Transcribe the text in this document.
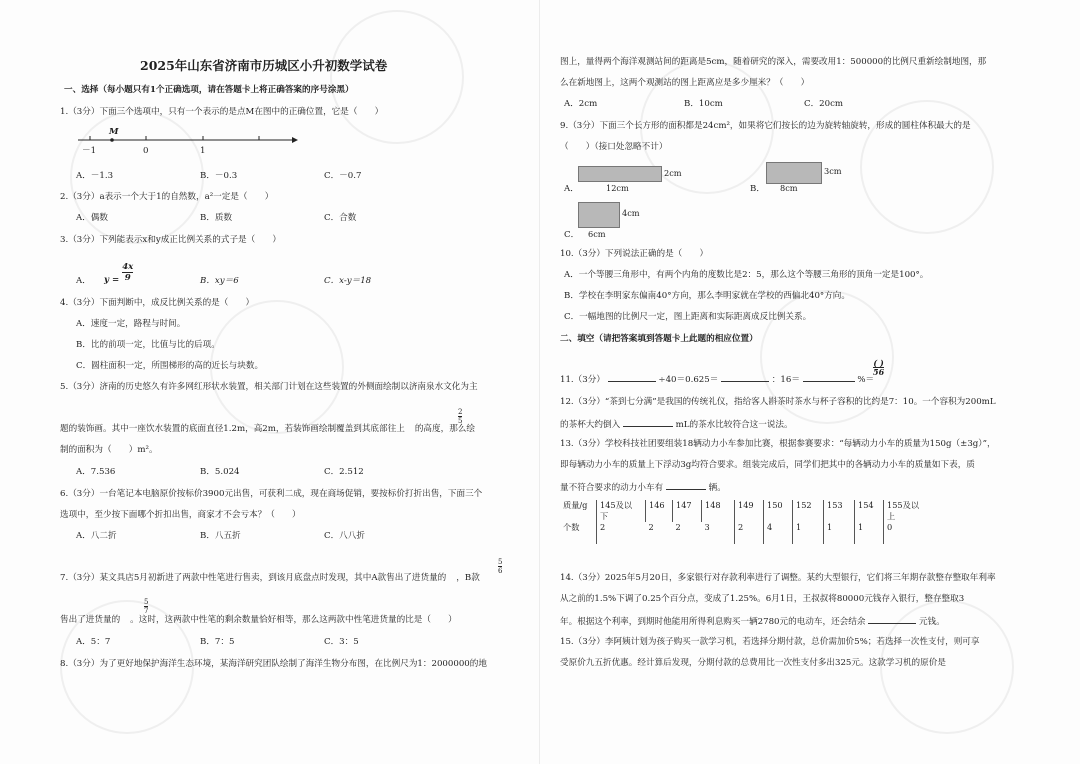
2025年山东省济南市历城区小升初数学试卷
一、选择（每小题只有1个正确选项，请在答题卡上将正确答案的序号涂黑）
1.（3分）下面三个选项中，只有一个表示的是点M在图中的正确位置，它是（　　）
M
－1	0	1
A．－1.3	B．－0.3	C．－0.7
2.（3分）a表示一个大于1的自然数，a²一定是（　　）
A．偶数	B．质数	C．合数
3.（3分）下列能表示x和y成正比例关系的式子是（　　）
A． $y = \frac{4x}{9}$	B．xy＝6	C．x-y＝18
4.（3分）下面判断中，成反比例关系的是（　　）
A．速度一定，路程与时间。
B．比的前项一定，比值与比的后项。
C．圆柱面积一定，所围梯形的高的近长与块数。
5.（3分）济南的历史悠久有许多网红形状水装置，相关部门计划在这些装置的外侧面绘制以济南泉水文化为主
题的装饰画。其中一座饮水装置的底面直径1.2m，高2m，若装饰画绘制覆盖到其底部往上 的高度，那么绘
$\frac{2}{5}$
制的面积为（　　）m²。
A．7.536	B．5.024	C．2.512
6.（3分）一台笔记本电脑原价按标价3900元出售，可获利二成，现在商场促销，要按标价打折出售，下面三个
选项中，至少按下面哪个折扣出售，商家才不会亏本？（　　）
A．八二折	B．八五折	C．八八折
7.（3分）某文具店5月初新进了两款中性笔进行售卖，到该月底盘点时发现，其中A款售出了进货量的 ，B款
$\frac{5}{6}$
售出了进货量的 。这时，这两款中性笔的剩余数量恰好相等，那么这两款中性笔进货量的比是（　　）
$\frac{5}{7}$
A．5：7	B．7：5	C．3：5
8.（3分）为了更好地保护海洋生态环境，某海洋研究团队绘制了海洋生物分布图，在比例尺为1：2000000的地
图上，量得两个海洋观测站间的距离是5cm，随着研究的深入，需要改用1：500000的比例尺重新绘制地图，那
么在新地图上，这两个观测站的图上距离应是多少厘米？（　　）
A．2cm	B．10cm	C．20cm
9.（3分）下面三个长方形的面积都是24cm²，如果将它们按长的边为旋转轴旋转，形成的圆柱体积最大的是
（　　）（接口处忽略不计）
2cm
12cm
A．
3cm
8cm
B．
4cm
6cm
C．
10.（3分）下列说法正确的是（　　）
A．一个等腰三角形中，有两个内角的度数比是2：5，那么这个等腰三角形的顶角一定是100°。
B．学校在李明家东偏南40°方向，那么李明家就在学校的西偏北40°方向。
C．一幅地图的比例尺一定，图上距离和实际距离成反比例关系。
二、填空（请把答案填到答题卡上此题的相应位置）
11.（3分）	÷40＝0.625＝	：16＝	%＝
( )
56
12.（3分）“茶到七分满”是我国的传统礼仪，指给客人斟茶时茶水与杯子容积的比约是7：10。一个容积为200mL
的茶杯大约倒入	mL的茶水比较符合这一说法。
13.（3分）学校科技社团要组装18辆动力小车参加比赛，根据参赛要求：“每辆动力小车的质量为150g（±3g）”，
即每辆动力小车的质量上下浮动3g均符合要求。组装完成后，同学们把其中的各辆动力小车的质量如下表，质
量不符合要求的动力小车有	辆。
质量/g	145及以
下	146	147	148	149	150	152	153	154	155及以
上
个数	2	2	2	3	2	4	1	1	1	0
14.（3分）2025年5月20日，多家银行对存款利率进行了调整。某约大型银行，它们将三年期存款整存整取年利率
从之前的1.5%下调了0.25个百分点，变成了1.25%。6月1日，王叔叔将80000元钱存入银行，整存整取3
年。根据这个利率，到期时他能用所得利息购买一辆2780元的电动车，还会结余	元钱。
15.（3分）李阿姨计划为孩子购买一款学习机，若选择分期付款，总价需加价5%；若选择一次性支付，则可享
受原价九五折优惠。经计算后发现，分期付款的总费用比一次性支付多出325元。这款学习机的原价是
